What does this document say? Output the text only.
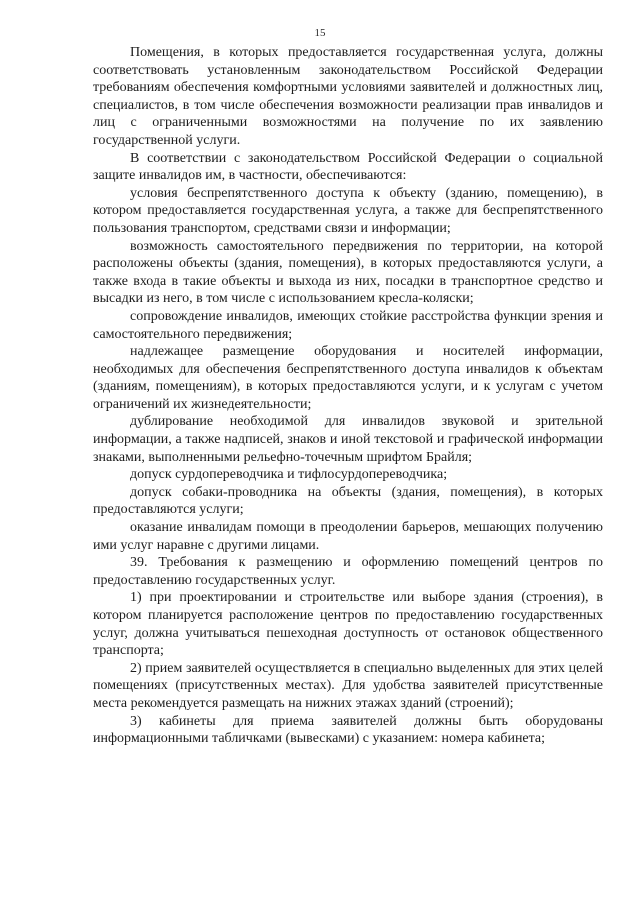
15

Помещения, в которых предоставляется государственная услуга, должны соответствовать установленным законодательством Российской Федерации требованиям обеспечения комфортными условиями заявителей и должностных лиц, специалистов, в том числе обеспечения возможности реализации прав инвалидов и лиц с ограниченными возможностями на получение по их заявлению государственной услуги.

В соответствии с законодательством Российской Федерации о социальной защите инвалидов им, в частности, обеспечиваются:

условия беспрепятственного доступа к объекту (зданию, помещению), в котором предоставляется государственная услуга, а также для беспрепятственного пользования транспортом, средствами связи и информации;

возможность самостоятельного передвижения по территории, на которой расположены объекты (здания, помещения), в которых предоставляются услуги, а также входа в такие объекты и выхода из них, посадки в транспортное средство и высадки из него, в том числе с использованием кресла-коляски;

сопровождение инвалидов, имеющих стойкие расстройства функции зрения и самостоятельного передвижения;

надлежащее размещение оборудования и носителей информации, необходимых для обеспечения беспрепятственного доступа инвалидов к объектам (зданиям, помещениям), в которых предоставляются услуги, и к услугам с учетом ограничений их жизнедеятельности;

дублирование необходимой для инвалидов звуковой и зрительной информации, а также надписей, знаков и иной текстовой и графической информации знаками, выполненными рельефно-точечным шрифтом Брайля;

допуск сурдопереводчика и тифлосурдопереводчика;

допуск собаки-проводника на объекты (здания, помещения), в которых предоставляются услуги;

оказание инвалидам помощи в преодолении барьеров, мешающих получению ими услуг наравне с другими лицами.

39. Требования к размещению и оформлению помещений центров по предоставлению государственных услуг.

1) при проектировании и строительстве или выборе здания (строения), в котором планируется расположение центров по предоставлению государственных услуг, должна учитываться пешеходная доступность от остановок общественного транспорта;

2) прием заявителей осуществляется в специально выделенных для этих целей помещениях (присутственных местах). Для удобства заявителей присутственные места рекомендуется размещать на нижних этажах зданий (строений);

3) кабинеты для приема заявителей должны быть оборудованы информационными табличками (вывесками) с указанием: номера кабинета;
